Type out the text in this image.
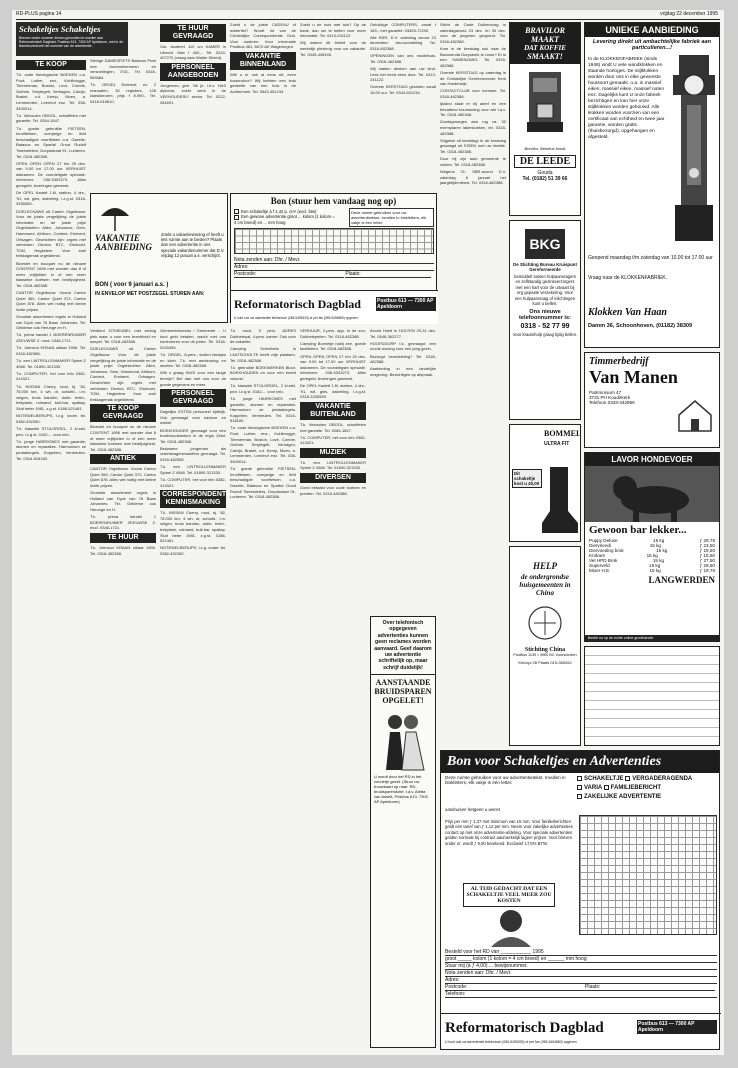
RD-PLUS pagina 14	vrijdag 22 december 1995
Schakeltjes Schakeltjes
Brieven onder nummer dienen gezonden te worden aan Reformatorisch Dagblad, Postbus 613, 7300 AP Apeldoorn, met in de linkerbovenhoek het nummer van de advertentie.
TE KOOP

T.k. oude theologische BOEKEN o.a. Poot, Luther, enz., Kohlbrugge, Timmerman, Boston, Love, Comrie, Guthrie, Smytegelt, Verhagen, Calvijn, Brakel, v.d. Kemp, Moen, a. Lemmerden, Leenhof enz. Tel. 038-3409014.

T.k. Velosolex OBOOL, schuiffelen met garantie. Tel. 0284-1847.

T.k. goede gebruikte FIETSEN. Inruilfietsen, overjarige en licht beschadigde voorfietsen o.a. Gazelle, Batavus en Sparta! Groot Rudolf Tweewielers, Dorpsstraat 91, Lunteren. Tel. 0318-482388.

OPEN OPEN OPEN 27 t/m 29 dec. van 9.00 tot 17.00 uur VERHUIST dakramen. De voordeligste speciale. Informeer: 036-5303273. Alles geregeld, leveringen gewenst.

De OPEL Kadett 1.6i, station, 4 drs., '91, wit, gies, dakreling. l.z.g.st. 0318-3335555.

DOELECKAWS uit Canter Orgelbouw. Voor de juiste vergelijking de juiste informatie en de juiste prijs! Orgelstoelen: Allen, Johannus, Gem, Hammond, Ahlborn, Content, Eminent, Ortsagen. Gewrichten zijn: orgels met verbinden Deotoo BTC. Eindvoet, TOM, Hegkelem. Voor snel trekkagemak orgeldienst.

Bloesiet en bouquet nu de nieuwe CONTENT 1696 met wonder dan 8 of meer vrijtijdden in of een meer klassieke koetsen met bedrijvigheid. Tel. 0318-482388.

CANTOR Orgelbouw. Vooral Cantor Quiet 360, Cantor Quiet 372, Cantor Quiet 878. Alles wel nuttig met kleine lichte prijzen.

Grootste assortiment orgels in Holland van Dyck van 76 Baan Johannes. Tel. Gelderse ook Herunge en H.

T.k. prima handel 1 BOERENRUIMER ZEEUWSE Z. mod. 0348-1721.

T.k. Johnson KRAAN uitlaat 1996. Tel. 0318-482388.

T.k. een LINTROLLENMAKER Spinel Z 4068. Tel. 01890-321330.

T.k. COMPUTER, het voor info 0382-414321.

T.k. NISSAN Cherry, rood, bj. '82, 76.000 km, 4 wh. dr, schuifd., l.m. velgen, bruis banden, dubb. trekh., trekplank, rolmand, bull-bar, spatlap. Sluit beter 1981, z.g.st. 0186-521481.

NOTEWELBERUPS, l.z.g. onder. tel. 0382-492280.

T.k. klassiek STIJLORGEL, 2 kl.stel, ped. l.z.g.st. 0182-... voor info.

T.k. jonge HARRIONES met garantie, stomen en reparaties. Harmonium ze pedaalorgels. Koppelen, Vermeulen. Tel. 0316-518180.

Stevige DAMESFIETS Batavus Pixel met trommelremmen en versnellingen, 7/15,- Tel. 0318-569484.

T.k. ORGEL Eminent, ev. 2 manualen, 30 registers, 128 klankkleuren, prijs f 8.590,- Tel. 0418-519610.

TE HUUR GEVRAAGD

Gar. studeert 110 cm KAMER in Utrecht. Max f 400,-. Tel. 0224-407270 (vraag naar Walter Stricht).

PERSONEEL AANGEBODEN

Jongeman, geb. '86 je, i.b.v. HAS diploma, zoekt werk in de VEEHOUDERIJ sector. Tel. 0222-281691.

Zoekt u de juiste CADEAU of winterfiet? Wordt lid van de Christelijke Correspondentie Club. Voor ouderen. Voor informatie Postbus 461, 6670 AK Wageningen.

VAKANTIE BINNENLAND

Wilt u er ook al eens uit, even tussendoor? Wij hebben een leuk gedeelte van een huis in de Achterhoek. Tel. 0543-451244.

Zoekt u de huis met tuin? Op de bank, dan om te bellen voor meer informatie. Tel. 0413-241122.

Wij maken dit beleid voor de werkelijk plezierig voor uw vakantie. Tel. 0343-445445.

Gelukkige COMPUTERS, vanaf f 169,- met garantie: 03453-72292.

Alle BSR, D.V. zaterdag avond 23 december: dia-voorstelling. Tel. 0318-482388.

OPENINGEN van ons modelhuis. Tel. 0318-482388.

Wij maken denken aan uw kind. Lees het eerst eens door. Tel. 0413-241122.

Overste KERSTDAG gesloten vanaf 16.00 uur. Tel. 0344-651234.

Sticht de Oude Duikenburg is zaterdagavond 23 dec. en 30 dec. voor de jongeren geopend. Tel. 0318-482388.

Kom in de kerstdag ook naar de Bavocenda Dorpskerk te Lisse? Er is een SAMENZANG. Tel. 0318-482388.

Overste KERSTDAG op zaterdag in de Christelijke Gereformeerde Kerk van Harderwijk.

CONTACTCLUB voor mensen. Tel. 0318-482388.

Ijsland staat er bij aleef en een bevattend huurwoning voor wie t.a.v. Tel. 0318-482388.

Zondagmorgen aan rug ca. 30 exemplaren lakenkoeken, tel. 0318-482388.

Vrijgeluk uit kerstdag! In de kerstdag gewaagd uit EISEN met uw familie. Tel. 0318-482388.

Door bij zijn auto gemeente te vinden. Tel. 0318-482388.

Wegens 21- SBR-avond D.V. zaterdag 6 januari het jaargetijdenfeest. Tel. 0318-482388.

Bon (stuur hem vandaag nog op)
Een schakeltje à f 1,42 p. cm² (excl. btw)
Een gewone advertentie groot ... kolom (1 kolom = 4 cm breed) en ... mm hoog
Deze ruimte gebruiken voor uw advertentietekst. Invullen in blokletters, elk vakje is één letter.
Nota zenden aan: Dhr. / Mevr.
Adres:
Postcode:	Plaats:
Reformatorisch Dagblad	Postbus 613 — 7300 AP Apeldoorn
U kunt ook uw advertentie telefonisch (055-5495333) of per fax (055-5494880) opgeven
VAKANTIE AANBIEDING
Zoekt u vakantiewoning of heeft u iets ruimte aan te bieden? Plaats dan een advertentie in ons speciale vakantienummer dat D.V. vrijdag 12 januari a.s. verschijnt.
BON ( voor 9 januari a.s. )
IN ENVELOP MET POSTZEGEL STUREN AAN:

Verdient ZITMEUBEL met weinig plek waar u voor een breedheid en soepel. Tel. 0318-482388.

DOELECKAWS uit Canter Orgelbouw. Voor de juiste vergelijking de juiste informatie en de juiste prijs! Orgelstoelen: Allen, Johannus, Gem, Hammond, Ahlborn, Content, Eminent, Ortsagen. Gewrichten zijn: orgels met verbinden Deotoo BTC. Eindvoet, TOM, Hegkelem. Voor snel trekkagemak orgeldienst.

TE KOOP GEVRAAGD

Bloesiet en bouquet nu de nieuwe CONTENT 1696 met wonder dan 8 of meer vrijtijdden in of een meer klassieke koetsen met bedrijvigheid. Tel. 0318-482388.

ANTIEK

CANTOR Orgelbouw. Vooral Cantor Quiet 360, Cantor Quiet 372, Cantor Quiet 878. Alles wel nuttig met kleine lichte prijzen.

Grootste assortiment orgels in Holland van Dyck van 76 Baan Johannes. Tel. Gelderse ook Herunge en H.

T.k. prima handel 1 BOERENRUIMER ZEEUWSE Z. mod. 0348-1721.

TE HUUR

T.k. Johnson KRAAN uitlaat 1996. Tel. 0318-482388.

Gemeentebureau / Gemeente ... U kunt geld betalen, wacht met ons kontroleren voor de juiste. Tel. 0318-0220455.

T.k. ORGEL, 8-pers., wollen bankjes en klein. T.k. met armleuning en stoelen. Tel. 0318-482388.

Wilt u graag HUIS voor een lange termijn? Bel dan met ons voor de goede gegevens en meer.

PERSONEEL GEVRAAGD

Dagelijks EXTRA personeel tijdelijk. Ook gevraagd voor kantoor en winkel.

BOEKHOUDER gevraagd voor een boekhoudkantoor in de regio Zeist. Tel. 0318-482388.

Bekwame jongeman als vrachtwagenchauffeur gevraagd. Tel. 0318-462555.

T.k. een LINTROLLENMAKER Spinel Z 4068. Tel. 01890-321330.

T.k. COMPUTER, het voor info 0382-414321.

CORRESPONDENTIE/ KENNISMAKING

T.k. NISSAN Cherry, rood, bj. '82, 76.000 km, 4 wh. dr, schuifd., l.m. velgen, bruis banden, dubb. trekh., trekplank, rolmand, bull-bar, spatlap. Sluit beter 1981, z.g.st. 0186-521481.

NOTEWELBERUPS, l.z.g. onder. tel. 0382-492280.

T.k. mooi, 5 pers. ADRES Dubbelepal, 4-pers. kamer. Ook voor de vakantie.

Camping Schreibels in LAATSCHOLTE heeft vrije plaatsen. Tel. 0318-482388.

T.k. gebruikte BOEKWERKEN Bloot. BOEKHOUDEN en voor een breed volume.

T.k. klassiek STIJLORGEL, 2 kl.stel, ped. l.z.g.st. 0182-... voor info.

T.k. jonge HARRIONES met garantie, stomen en reparaties. Harmonium ze pedaalorgels. Koppelen, Vermeulen. Tel. 0316-518180.

T.k. oude theologische BOEKEN o.a. Poot, Luther, enz., Kohlbrugge, Timmerman, Boston, Love, Comrie, Guthrie, Smytegelt, Verhagen, Calvijn, Brakel, v.d. Kemp, Moen, a. Lemmerden, Leenhof enz. Tel. 038-3409014.

T.k. goede gebruikte FIETSEN. Inruilfietsen, overjarige en licht beschadigde voorfietsen o.a. Gazelle, Batavus en Sparta! Groot Rudolf Tweewielers, Dorpsstraat 91, Lunteren. Tel. 0318-482388.

VERHUUR, 2-pers. app. in de zon, Dubbelepeilen. Tel. 0318-482388.

Camping Bonnetje nabij zee, goede faciliteiten. Tel. 0318-482388.

OPEN OPEN OPEN 27 t/m 29 dec. van 9.00 tot 17.00 uur VERHUIST dakramen. De voordeligste speciale. Informeer: 036-5303273. Alles geregeld, leveringen gewenst.

De OPEL Kadett 1.6i, station, 4 drs., '91, wit, gies, dakreling. l.z.g.st. 0318-3335555.

VAKANTIE BUITENLAND

T.k. Velosolex OBOOL, schuiffelen met garantie. Tel. 0284-1847.

T.k. COMPUTER, het voor info 0382-414321.

MUZIEK

T.k. een LINTROLLENMAKER Spinel Z 4068. Tel. 01890-321330.

DIVERSEN

Goed betaald voor oude boeken en prenten. Tel. 0318-482388.

Avond Hotel in HOLTEN 29-31 dec. Tel. 0548-362277.

HOOFDDORP t.k. gevraagd: een mooie woning voor een jong gezin.

Bezorgd bemiddeling? Tel. 0318-482388.

Aanbieding in een landelijke omgeving. Bezichtigen op afspraak.

Over telefonisch opgegeven advertenties kunnen geen reclames worden aanvaard. Geef daarom uw advertentie schriftelijk op, maar schrijf duidelijk!
AANSTAANDE BRUIDSPAREN OPGELET!
U wordt door het RD in het zonnetje gezet. (Stuur uw trouwkaart op naar: RD-bruidsparenactie, t.a.v. Aletta van Asselt, Postbus 613, 7300 AP Apeldoorn)
BRAVILOR
MAAKT
DAT KOFFIE
SMAAKT!
Brevilor, Benelux fonds
DE LEEDE
Gouda
Tel. (0182) 51 39 66
UNIEKE AANBIEDING
Levering direkt uit ambachtelijke fabriek aan particulieren...!
In de KLOKKENFABRIEK (sinds 1948) vindt U vele wandklokken en staande horloges. De stijlklokken worden door ons in elke gewenste houtsoort gemaakt. o.a. in massief eiken, massief eiken, massief noten enz. Dagelijks kunt U onze fabriek bezichtigen en kan hier onze stijlklokken worden gebouwd. Alle klokken worden voorzien van een certificaat van echtheid en twee jaar garantie, worden gratis (thuisbezorgd), opgehangen en afgesteld.
Geopend maandag t/m zaterdag van 10.00 tot 17.00 uur
Vraag naar de KLOKKENFABRIEK.
Klokken Van Haan
Damm 36, Schoonhoven, (01182) 38309
BKG
De Stichting Bureau Kruispunt Gereformeerde
bemiddelt tussen hulpaanvragers en zelfstandig gezinsverzorgers met een hart voor de uitvaart bij erg gepaste verzekering. Voor een hulpaanvraag of inlichtingen kunt u bellen:
Ons nieuwe telefoonnummer is:
0318 - 52 77 99
Voor kraamhulp graag tijdig bellen.
Timmerbedrijf
Van Manen
Patrimonium 47
3731 PH Koudekerk
Telefoon 0343-442966
LAVOR HONDEVOER
Gewoon bar lekker...
Puppy Deluxe	15 kg	ƒ 29,75
Diervriendi	15 kg	ƒ 23,50
Diervoeding brok	15 kg	ƒ 19,50
Krokant	15 kg	ƒ 15,50
Vet HPD Brok	15 kg	ƒ 27,50
Superveld	15 kg	ƒ 29,50
Mixer H.E.	15 kg	ƒ 19,75
LANGWERDEN
Bestel nu op de echte online groothandel
Dit schakeltje kost u 40,00
BOMMEL
ULTRA FIT
HELP
de ondergrondse huisgemeenten in China
Stichting China
Postbus 1139 • 3960 BC Voorschoten
Kelvopl 28 Plaats 015-369262
Bon voor Schakeltjes en Advertenties
Deze ruimte gebruiken voor uw advertentietekst. Invullen in blokletters, elk vakje is één letter.
SCHAKELTJE VERGADERAGENDA
VARIA FAMILIEBERICHT
ZAKELIJKE ADVERTENTIE
aankruisen hetgeen u wenst
Prijs per mm ƒ 1,37 met minimum van 15 mm. Voor familieberichten geldt een tarief van ƒ 1,12 per mm. Neem voor zakelijke advertenties contact op met onze advertentie-afdeling. Voor speciale advertenties gelden normale bij contract aanmerkelijk lagere prijzen. Voor brieven onder nr. wordt ƒ 6,50 berekend. Exclusief 17,5% BTW.
AL TIJD GEDACHT DAT EEN SCHAKELTJE VEEL MEER ZOU KOSTEN
Besteld voor het RD van ___________ 1995
groot _____ kolom (1 kolom = 4 cm breed) en ______ mm hoog
Stuur mij (à ƒ 4,00) ... bewijsnummer.
Nota zenden aan: Dhr. / Mevr.
Adres:
Postcode:	Plaats:
Telefoon:
Reformatorisch Dagblad	Postbus 613 — 7300 AP Apeldoorn
U kunt ook uw advertentie telefonisch (055-5495333) of per fax (055-5494880) opgeven
